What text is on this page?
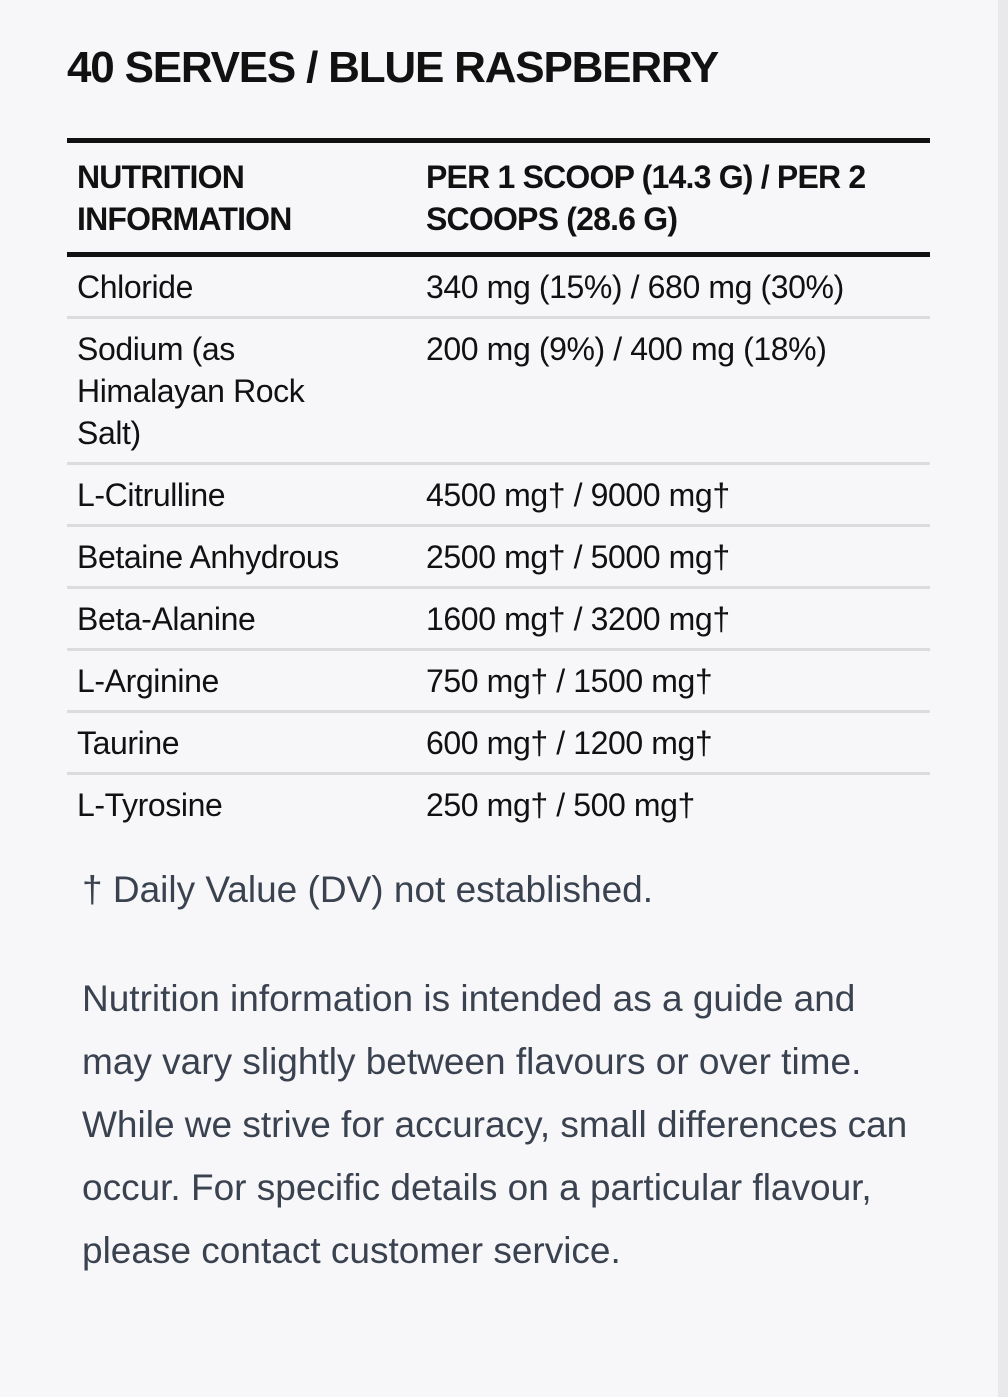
40 SERVES / BLUE RASPBERRY
NUTRITION INFORMATION	PER 1 SCOOP (14.3 G) / PER 2 SCOOPS (28.6 G)
Chloride	340 mg (15%) / 680 mg (30%)
Sodium (as Himalayan Rock Salt)	200 mg (9%) / 400 mg (18%)
L-Citrulline	4500 mg† / 9000 mg†
Betaine Anhydrous	2500 mg† / 5000 mg†
Beta-Alanine	1600 mg† / 3200 mg†
L-Arginine	750 mg† / 1500 mg†
Taurine	600 mg† / 1200 mg†
L-Tyrosine	250 mg† / 500 mg†

† Daily Value (DV) not established.

Nutrition information is intended as a guide and may vary slightly between flavours or over time. While we strive for accuracy, small differences can occur. For specific details on a particular flavour, please contact customer service.
